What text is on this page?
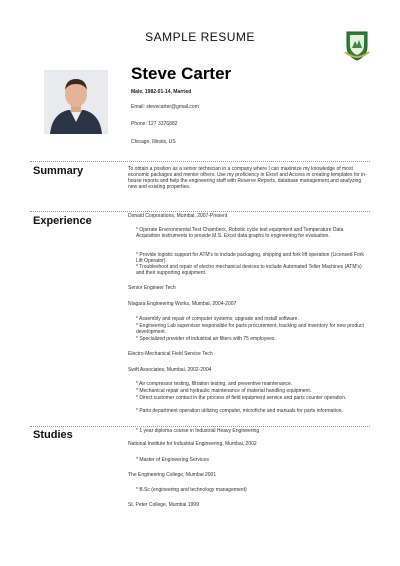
SAMPLE RESUME
Steve Carter
Male, 1982-01-14, Married
Email: stevecarter@gmail.com
Phone: 127 3376882
Chicago, Illinois, US
Summary	To obtain a position as a senior technician in a company where I can maximize my knowledge of most economic packages and mentor others. Use my proficiency in Excel and Access in creating templates for in-house reports and help the engineering staff with Reserve Reports, database management and analyzing new and existing properties.
Experience	Donald Corporations, Mumbai, 2007-Present
* Operate Environmental Test Chambers, Robotic cycle test equipment and Temperature Data Acquisition instruments to provide M.S. Excel data graphs to engineering for evaluation.
* Provide logistic support for ATM's to include packaging, shipping and fork lift operation (Licensed Fork Lift Operator).
* Troubleshoot and repair of electro mechanical devices to include Automated Teller Machines (ATM's) and their supporting equipment.
Senior Engineer Tech
Niagara Engineering Works, Mumbai, 2004-2007
* Assembly and repair of computer systems; upgrade and install software.
* Engineering Lab supervisor responsible for parts procurement, tracking and inventory for new product development.
* Specialized provider of industrial air filters with 75 employees.
Electro-Mechanical Field Service Tech
Swift Associates, Mumbai, 2002-2004
* Air compressor testing, filtration testing, and preventive maintenance.
* Mechanical repair and hydraulic maintenance of material handling equipment.
* Direct customer contact in the process of field equipment service and parts counter operation.
* Parts department operation utilizing computer, microfiche and manuals for parts information.
Studies	* 1 year diploma course in Industrial Heavy Engineering
National Institute for Industrial Engineering, Mumbai, 2002
* Master of Engineering Services
The Engineering College, Mumbai 2001
* B.Sc (engineering and technology management)
St. Peter College, Mumbai 1999
